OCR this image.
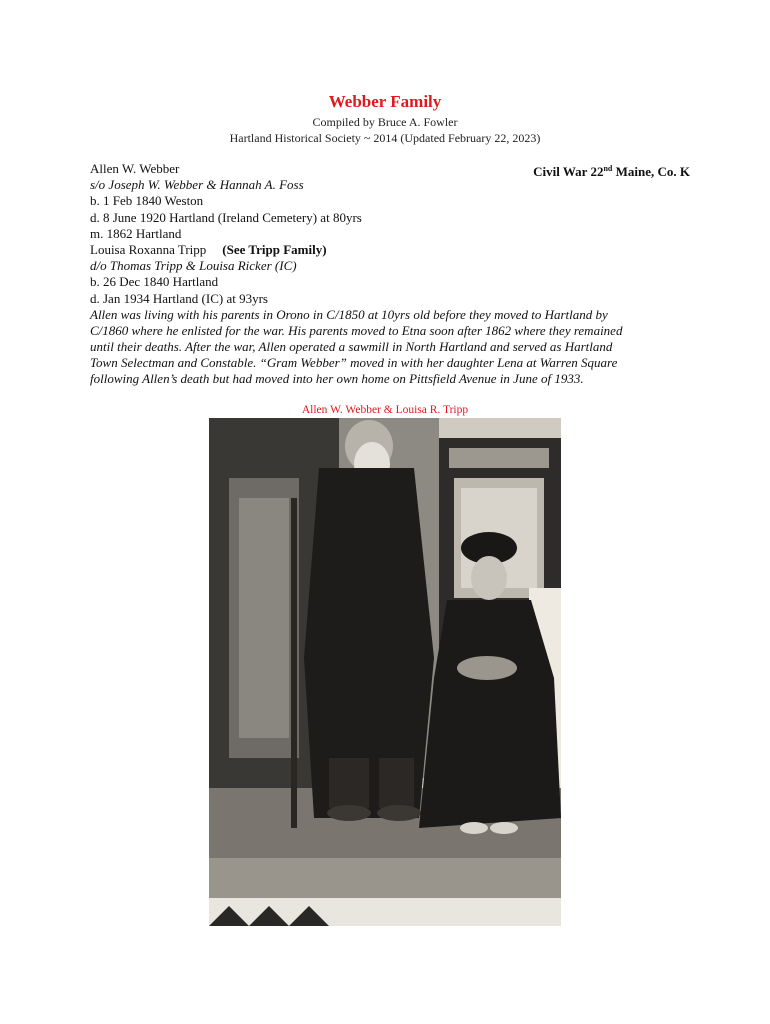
Webber Family
Compiled by Bruce A. Fowler
Hartland Historical Society ~ 2014 (Updated February 22, 2023)
Civil War 22nd Maine, Co. K
Allen W. Webber
s/o Joseph W. Webber & Hannah A. Foss
b. 1 Feb 1840 Weston
d. 8 June 1920 Hartland (Ireland Cemetery) at 80yrs
m. 1862 Hartland
Louisa Roxanna Tripp (See Tripp Family)
d/o Thomas Tripp & Louisa Ricker (IC)
b. 26 Dec 1840 Hartland
d. Jan 1934 Hartland (IC) at 93yrs
Allen was living with his parents in Orono in C/1850 at 10yrs old before they moved to Hartland by
C/1860 where he enlisted for the war. His parents moved to Etna soon after 1862 where they remained
until their deaths. After the war, Allen operated a sawmill in North Hartland and served as Hartland
Town Selectman and Constable. “Gram Webber” moved in with her daughter Lena at Warren Square
following Allen’s death but had moved into her own home on Pittsfield Avenue in June of 1933.
Allen W. Webber & Louisa R. Tripp
